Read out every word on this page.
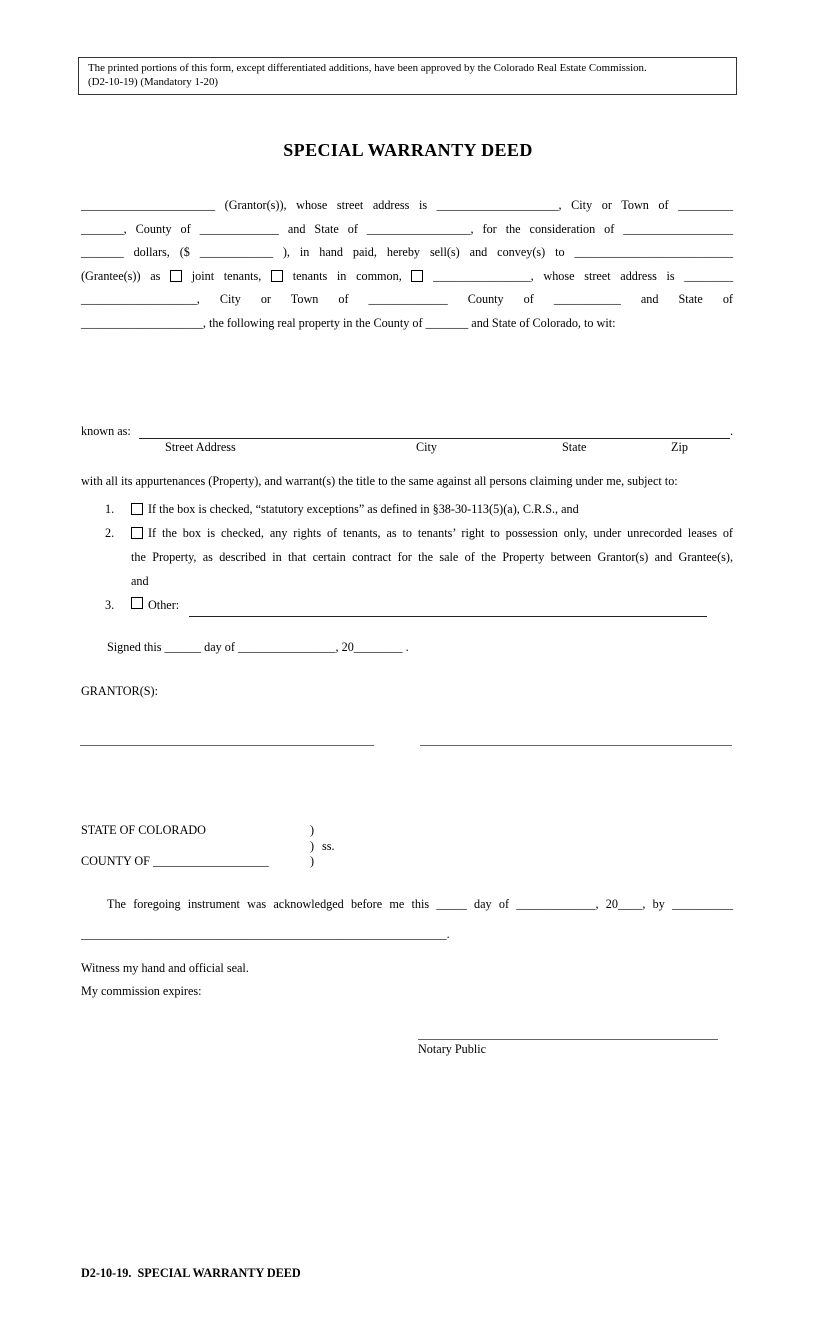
The printed portions of this form, except differentiated additions, have been approved by the Colorado Real Estate Commission.
(D2-10-19) (Mandatory 1-20)
SPECIAL WARRANTY DEED
______________________ (Grantor(s)), whose street address is ____________________, City or Town of _________
_______, County of _____________ and State of _________________, for the consideration of __________________
_______ dollars, ($ ____________ ), in hand paid, hereby sell(s) and convey(s) to __________________________
(Grantee(s)) as	joint tenants,	tenants in common,	________________, whose street address is ________
___________________, City or Town of _____________ County of ___________ and State of
____________________, the following real property in the County of _______ and State of Colorado, to wit:
known as:	.
Street Address	City	State	Zip
with all its appurtenances (Property), and warrant(s) the title to the same against all persons claiming under me, subject to:
1.	If the box is checked, “statutory exceptions” as defined in §38-30-113(5)(a), C.R.S., and
2.	If the box is checked, any rights of tenants, as to tenants’ right to possession only, under unrecorded leases of
the Property, as described in that certain contract for the sale of the Property between Grantor(s) and Grantee(s),
and
3.	Other:
Signed this ______ day of ________________, 20________ .
GRANTOR(S):
STATE OF COLORADO	)
) ss.
COUNTY OF ___________________	)
The foregoing instrument was acknowledged before me this _____ day of _____________, 20____, by __________
____________________________________________________________.
Witness my hand and official seal.
My commission expires:
Notary Public
D2-10-19.  SPECIAL WARRANTY DEED
